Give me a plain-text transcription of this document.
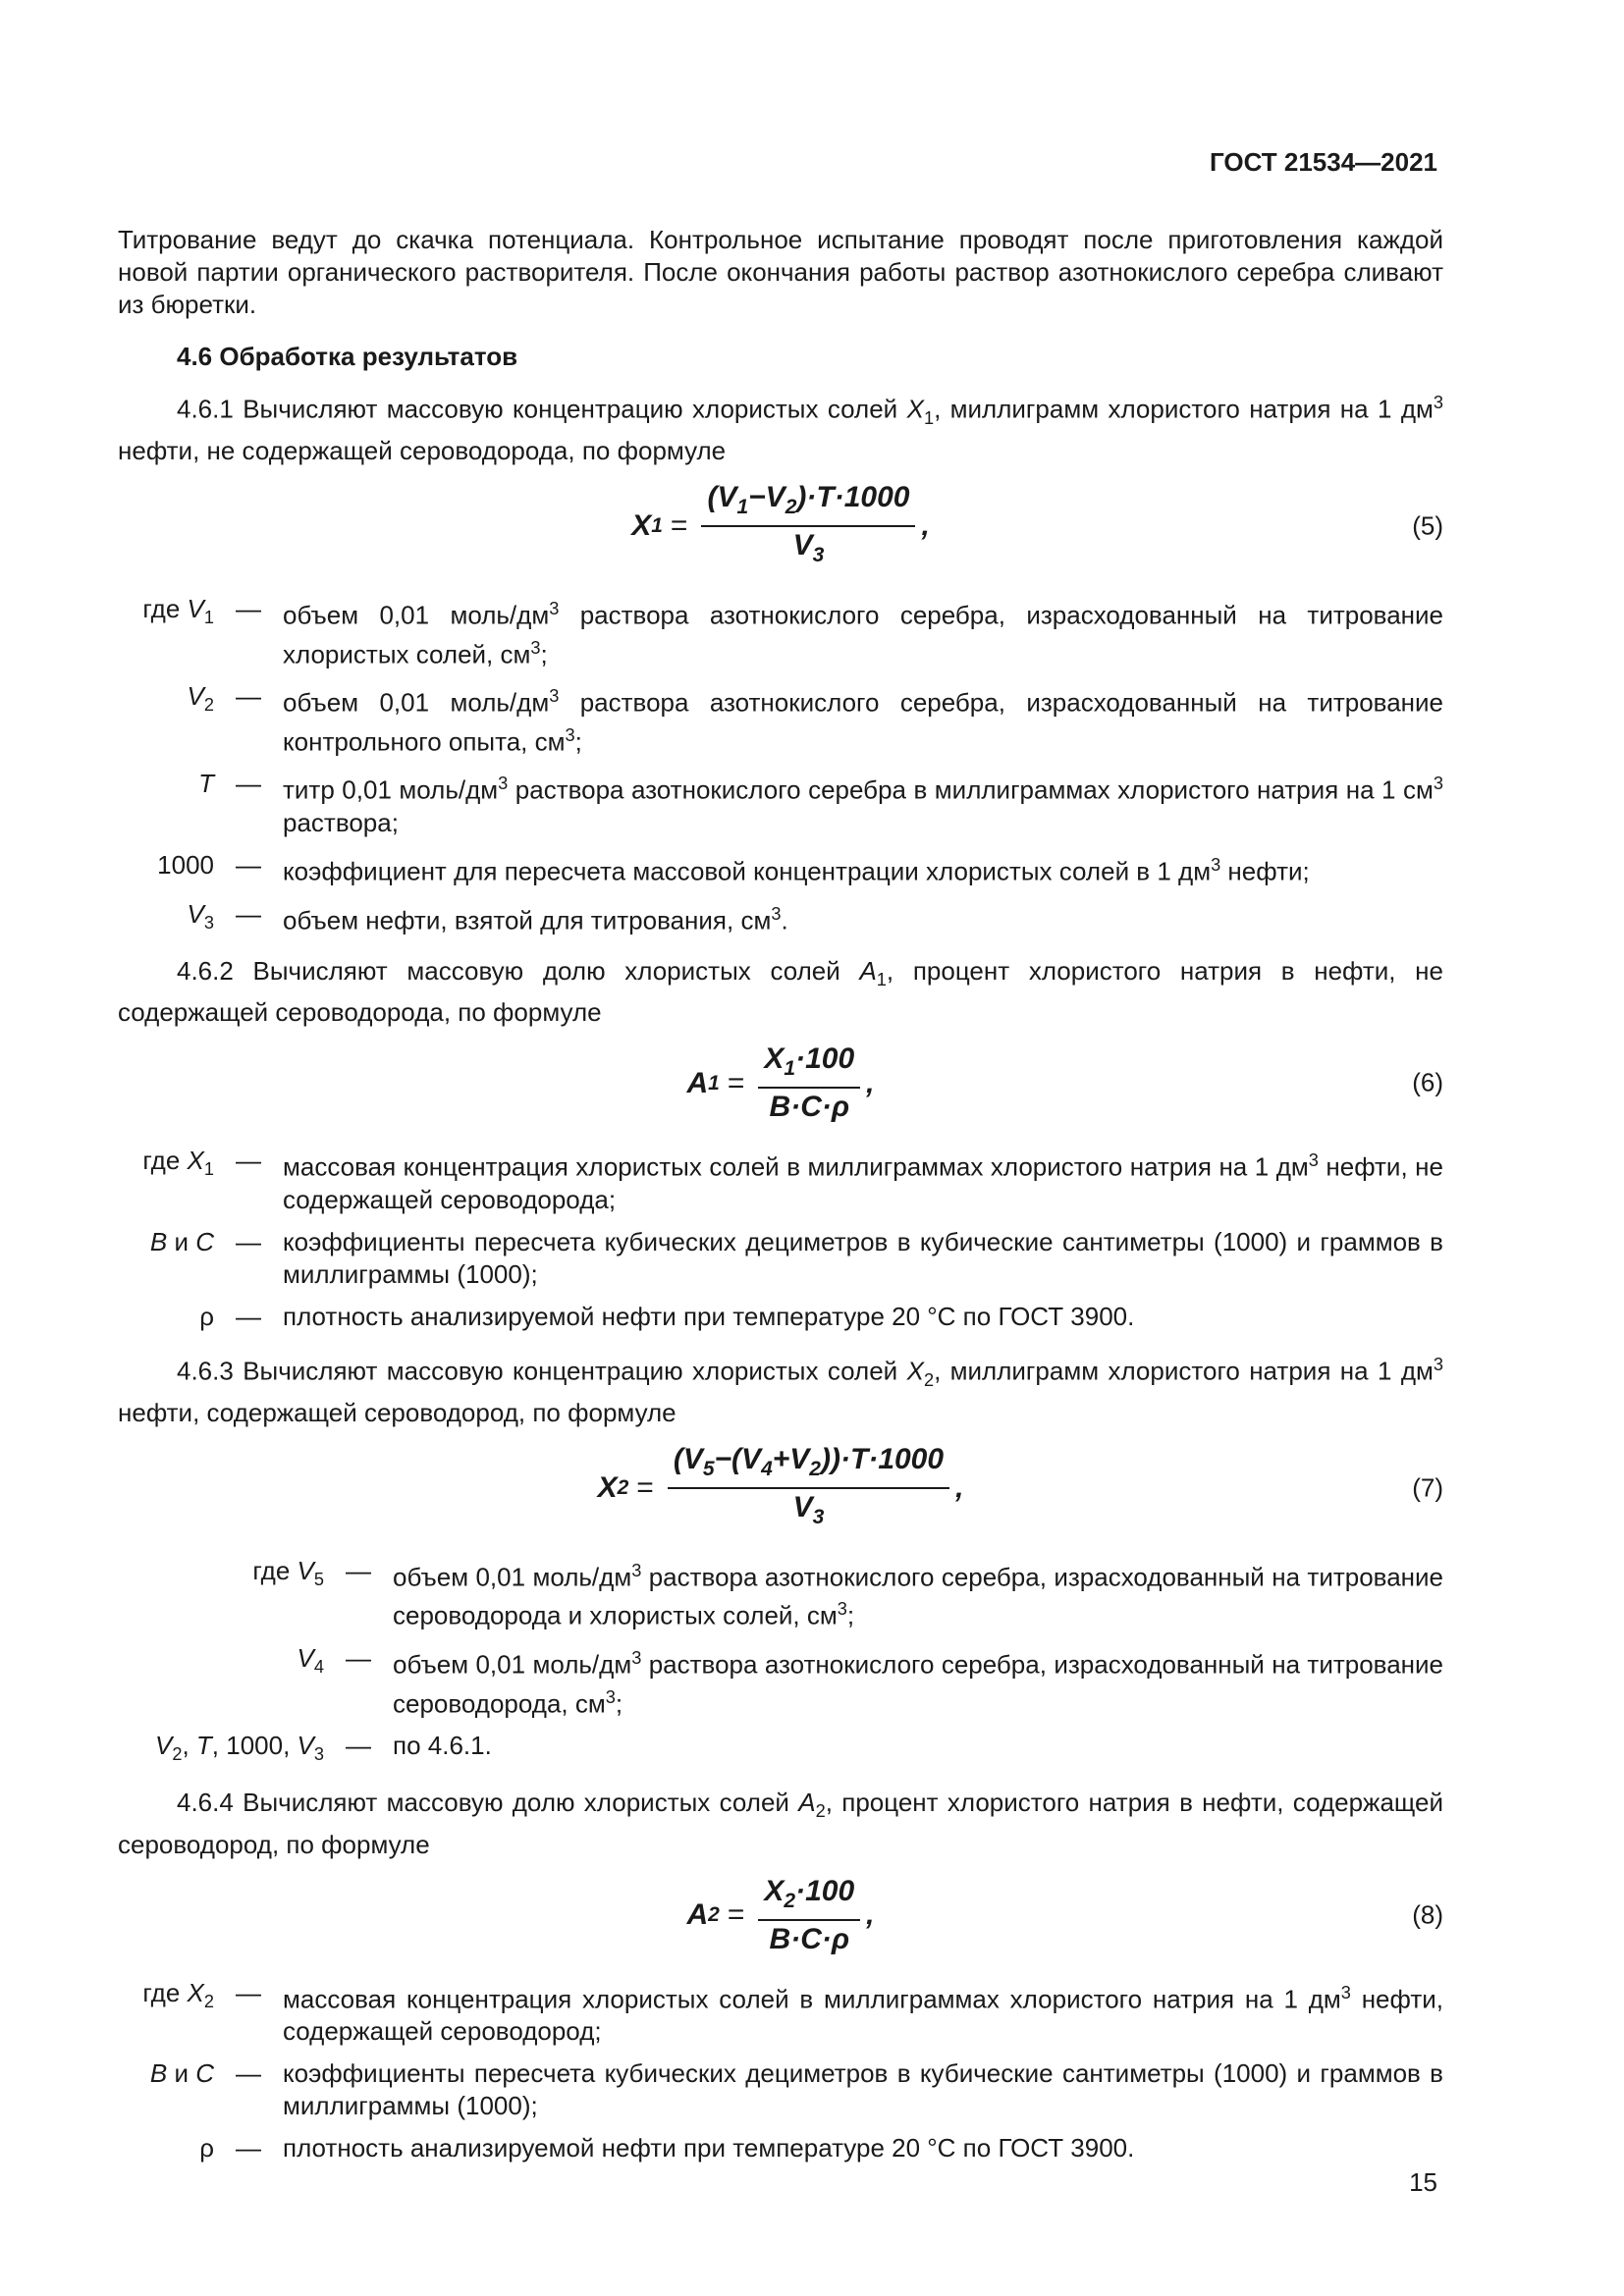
ГОСТ 21534—2021

Титрование ведут до скачка потенциала. Контрольное испытание проводят после приготовления каждой новой партии органического растворителя. После окончания работы раствор азотнокислого серебра сливают из бюретки.

4.6 Обработка результатов

4.6.1 Вычисляют массовую концентрацию хлористых солей $X_1$, миллиграмм хлористого натрия на 1 $дм^3$ нефти, не содержащей сероводорода, по формуле

X $1 = \frac{(V_1-V_2)\cdot T\cdot 1000}{V_3}$ ,	(5)
где $V_1$ — объем 0,01 моль/$дм^3$ раствора азотнокислого серебра, израсходованный на титрование хлористых солей, $см^3$;
$V_2$ — объем 0,01 моль/$дм^3$ раствора азотнокислого серебра, израсходованный на титрование контрольного опыта, $см^3$;
T — титр 0,01 моль/$дм^3$ раствора азотнокислого серебра в миллиграммах хлористого натрия на 1 $см^3$ раствора;
1000 — коэффициент для пересчета массовой концентрации хлористых солей в 1 $дм^3$ нефти;
$V_3$ — объем нефти, взятой для титрования, $см^3$.

4.6.2 Вычисляют массовую долю хлористых солей $A_1$, процент хлористого натрия в нефти, не содержащей сероводорода, по формуле

A $1 = \frac{X_1\cdot 100}{B\cdot C\cdot\rho}$ ,	(6)
где $X_1$ — массовая концентрация хлористых солей в миллиграммах хлористого натрия на 1 $дм^3$ нефти, не содержащей сероводорода;
B и C — коэффициенты пересчета кубических дециметров в кубические сантиметры (1000) и граммов в миллиграммы (1000);
ρ — плотность анализируемой нефти при температуре 20 °С по ГОСТ 3900.

4.6.3 Вычисляют массовую концентрацию хлористых солей $X_2$, миллиграмм хлористого натрия на 1 $дм^3$ нефти, содержащей сероводород, по формуле

X $2 = \frac{(V_5-(V_4+V_2))\cdot T\cdot 1000}{V_3}$ ,	(7)
где $V_5$ — объем 0,01 моль/$дм^3$ раствора азотнокислого серебра, израсходованный на титрование сероводорода и хлористых солей, $см^3$;
$V_4$ — объем 0,01 моль/$дм^3$ раствора азотнокислого серебра, израсходованный на титрование сероводорода, $см^3$;
$V_2$, T, 1000, $V_3$ — по 4.6.1.

4.6.4 Вычисляют массовую долю хлористых солей $A_2$, процент хлористого натрия в нефти, содержащей сероводород, по формуле

A $2 = \frac{X_2\cdot 100}{B\cdot C\cdot\rho}$ ,	(8)
где $X_2$ — массовая концентрация хлористых солей в миллиграммах хлористого натрия на 1 $дм^3$ нефти, содержащей сероводород;
B и C — коэффициенты пересчета кубических дециметров в кубические сантиметры (1000) и граммов в миллиграммы (1000);
ρ — плотность анализируемой нефти при температуре 20 °С по ГОСТ 3900.
15
